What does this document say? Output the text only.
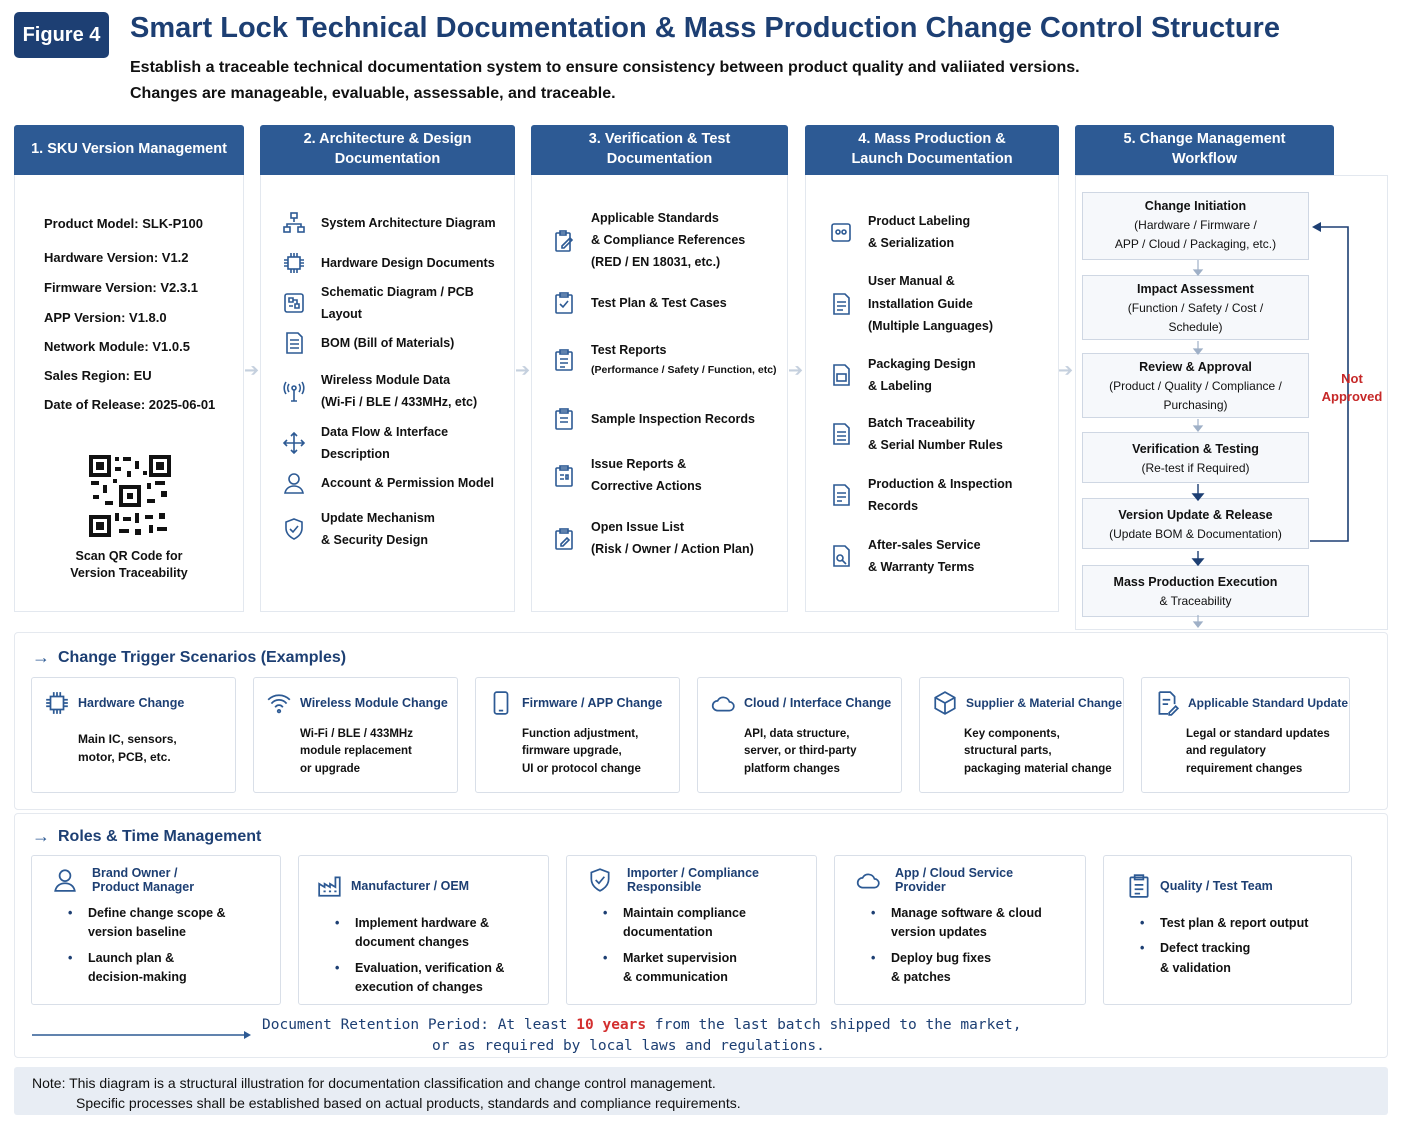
Figure 4 Smart Lock Technical Documentation & Mass Production Change Control Structure
Establish a traceable technical documentation system to ensure consistency between product quality and valiiated versions.
Changes are manageable, evaluable, assessable, and traceable.
1. SKU Version Management
2. Architecture & Design
Documentation
3. Verification & Test
Documentation
4. Mass Production &
Launch Documentation
5. Change Management
Workflow
➔	➔	➔	➔
Product Model: SLK-P100
Hardware Version: V1.2
Firmware Version: V2.3.1
APP Version: V1.8.0
Network Module: V1.0.5
Sales Region: EU
Date of Release: 2025-06-01
Scan QR Code for
Version Traceability
System Architecture Diagram
Hardware Design Documents
Schematic Diagram / PCB Layout
BOM (Bill of Materials)
Wireless Module Data
(Wi-Fi / BLE / 433MHz, etc)
Data Flow & Interface Description
Account & Permission Model
Update Mechanism
& Security Design
Applicable Standards
& Compliance References
(RED / EN 18031, etc.)
Test Plan & Test Cases
Test Reports
(Performance / Safety / Function, etc)
Sample Inspection Records
Issue Reports &
Corrective Actions
Open Issue List
(Risk / Owner / Action Plan)
Product Labeling
& Serialization
User Manual &
Installation Guide
(Multiple Languages)
Packaging Design
& Labeling
Batch Traceability
& Serial Number Rules
Production & Inspection
Records
After-sales Service
& Warranty Terms
Change Initiation
(Hardware / Firmware /
APP / Cloud / Packaging, etc.)
Impact Assessment
(Function / Safety / Cost /
Schedule)
Review & Approval
(Product / Quality / Compliance /
Purchasing)
Verification & Testing
(Re-test if Required)
Version Update & Release
(Update BOM & Documentation)
Mass Production Execution
& Traceability
Not
Approved
→ Change Trigger Scenarios (Examples)
Hardware Change
Main IC, sensors,
motor, PCB, etc.
Wireless Module Change
Wi-Fi / BLE / 433MHz
module replacement
or upgrade
Firmware / APP Change
Function adjustment,
firmware upgrade,
UI or protocol change
Cloud / Interface Change
API, data structure,
server, or third-party
platform changes
Supplier & Material Change
Key components,
structural parts,
packaging material change
Applicable Standard Update
Legal or standard updates
and regulatory
requirement changes
→ Roles & Time Management
Brand Owner /
Product Manager
• Define change scope &
version baseline
• Launch plan &
decision-making
Manufacturer / OEM
• Implement hardware &
document changes
• Evaluation, verification &
execution of changes
Importer / Compliance
Responsible
• Maintain compliance
documentation
• Market supervision
& communication
App / Cloud Service
Provider
• Manage software & cloud
version updates
• Deploy bug fixes
& patches
Quality / Test Team
• Test plan & report output
• Defect tracking
& validation
Document Retention Period: At least 10 years from the last batch shipped to the market,
or as required by local laws and regulations.
Note: This diagram is a structural illustration for documentation classification and change control management.
Specific processes shall be established based on actual products, standards and compliance requirements.
